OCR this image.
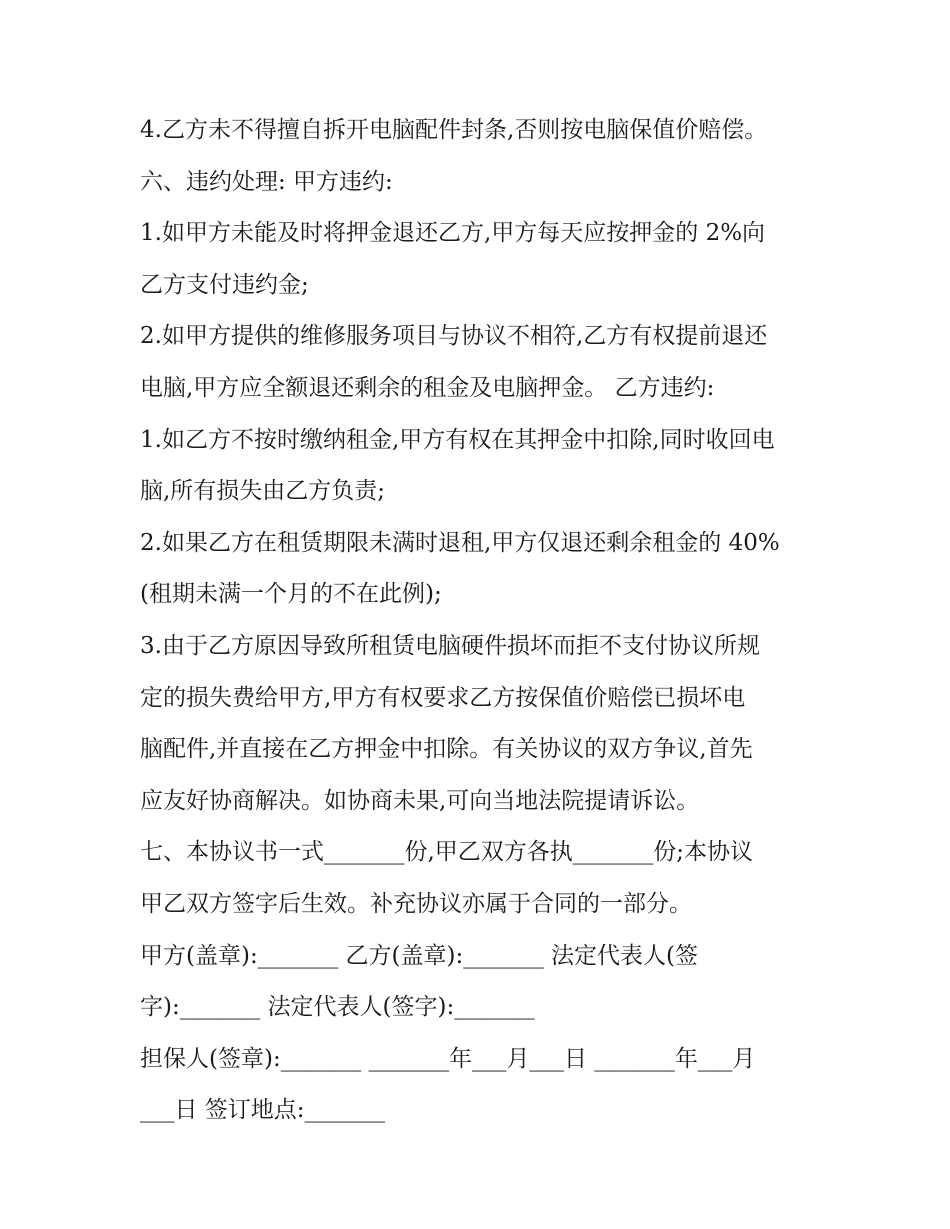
4.乙方未不得擅自拆开电脑配件封条,否则按电脑保值价赔偿。
六、违约处理: 甲方违约:
1.如甲方未能及时将押金退还乙方,甲方每天应按押金的 2%向
乙方支付违约金;
2.如甲方提供的维修服务项目与协议不相符,乙方有权提前退还
电脑,甲方应全额退还剩余的租金及电脑押金。 乙方违约:
1.如乙方不按时缴纳租金,甲方有权在其押金中扣除,同时收回电
脑,所有损失由乙方负责;
2.如果乙方在租赁期限未满时退租,甲方仅退还剩余租金的 40%
(租期未满一个月的不在此例);
3.由于乙方原因导致所租赁电脑硬件损坏而拒不支付协议所规
定的损失费给甲方,甲方有权要求乙方按保值价赔偿已损坏电
脑配件,并直接在乙方押金中扣除。有关协议的双方争议,首先
应友好协商解决。如协商未果,可向当地法院提请诉讼。
七、本协议书一式_______份,甲乙双方各执_______份;本协议
甲乙双方签字后生效。补充协议亦属于合同的一部分。
甲方(盖章):_______ 乙方(盖章):_______ 法定代表人(签
字):_______ 法定代表人(签字):_______
担保人(签章):_______ _______年___月___日 _______年___月
___日 签订地点:_______
